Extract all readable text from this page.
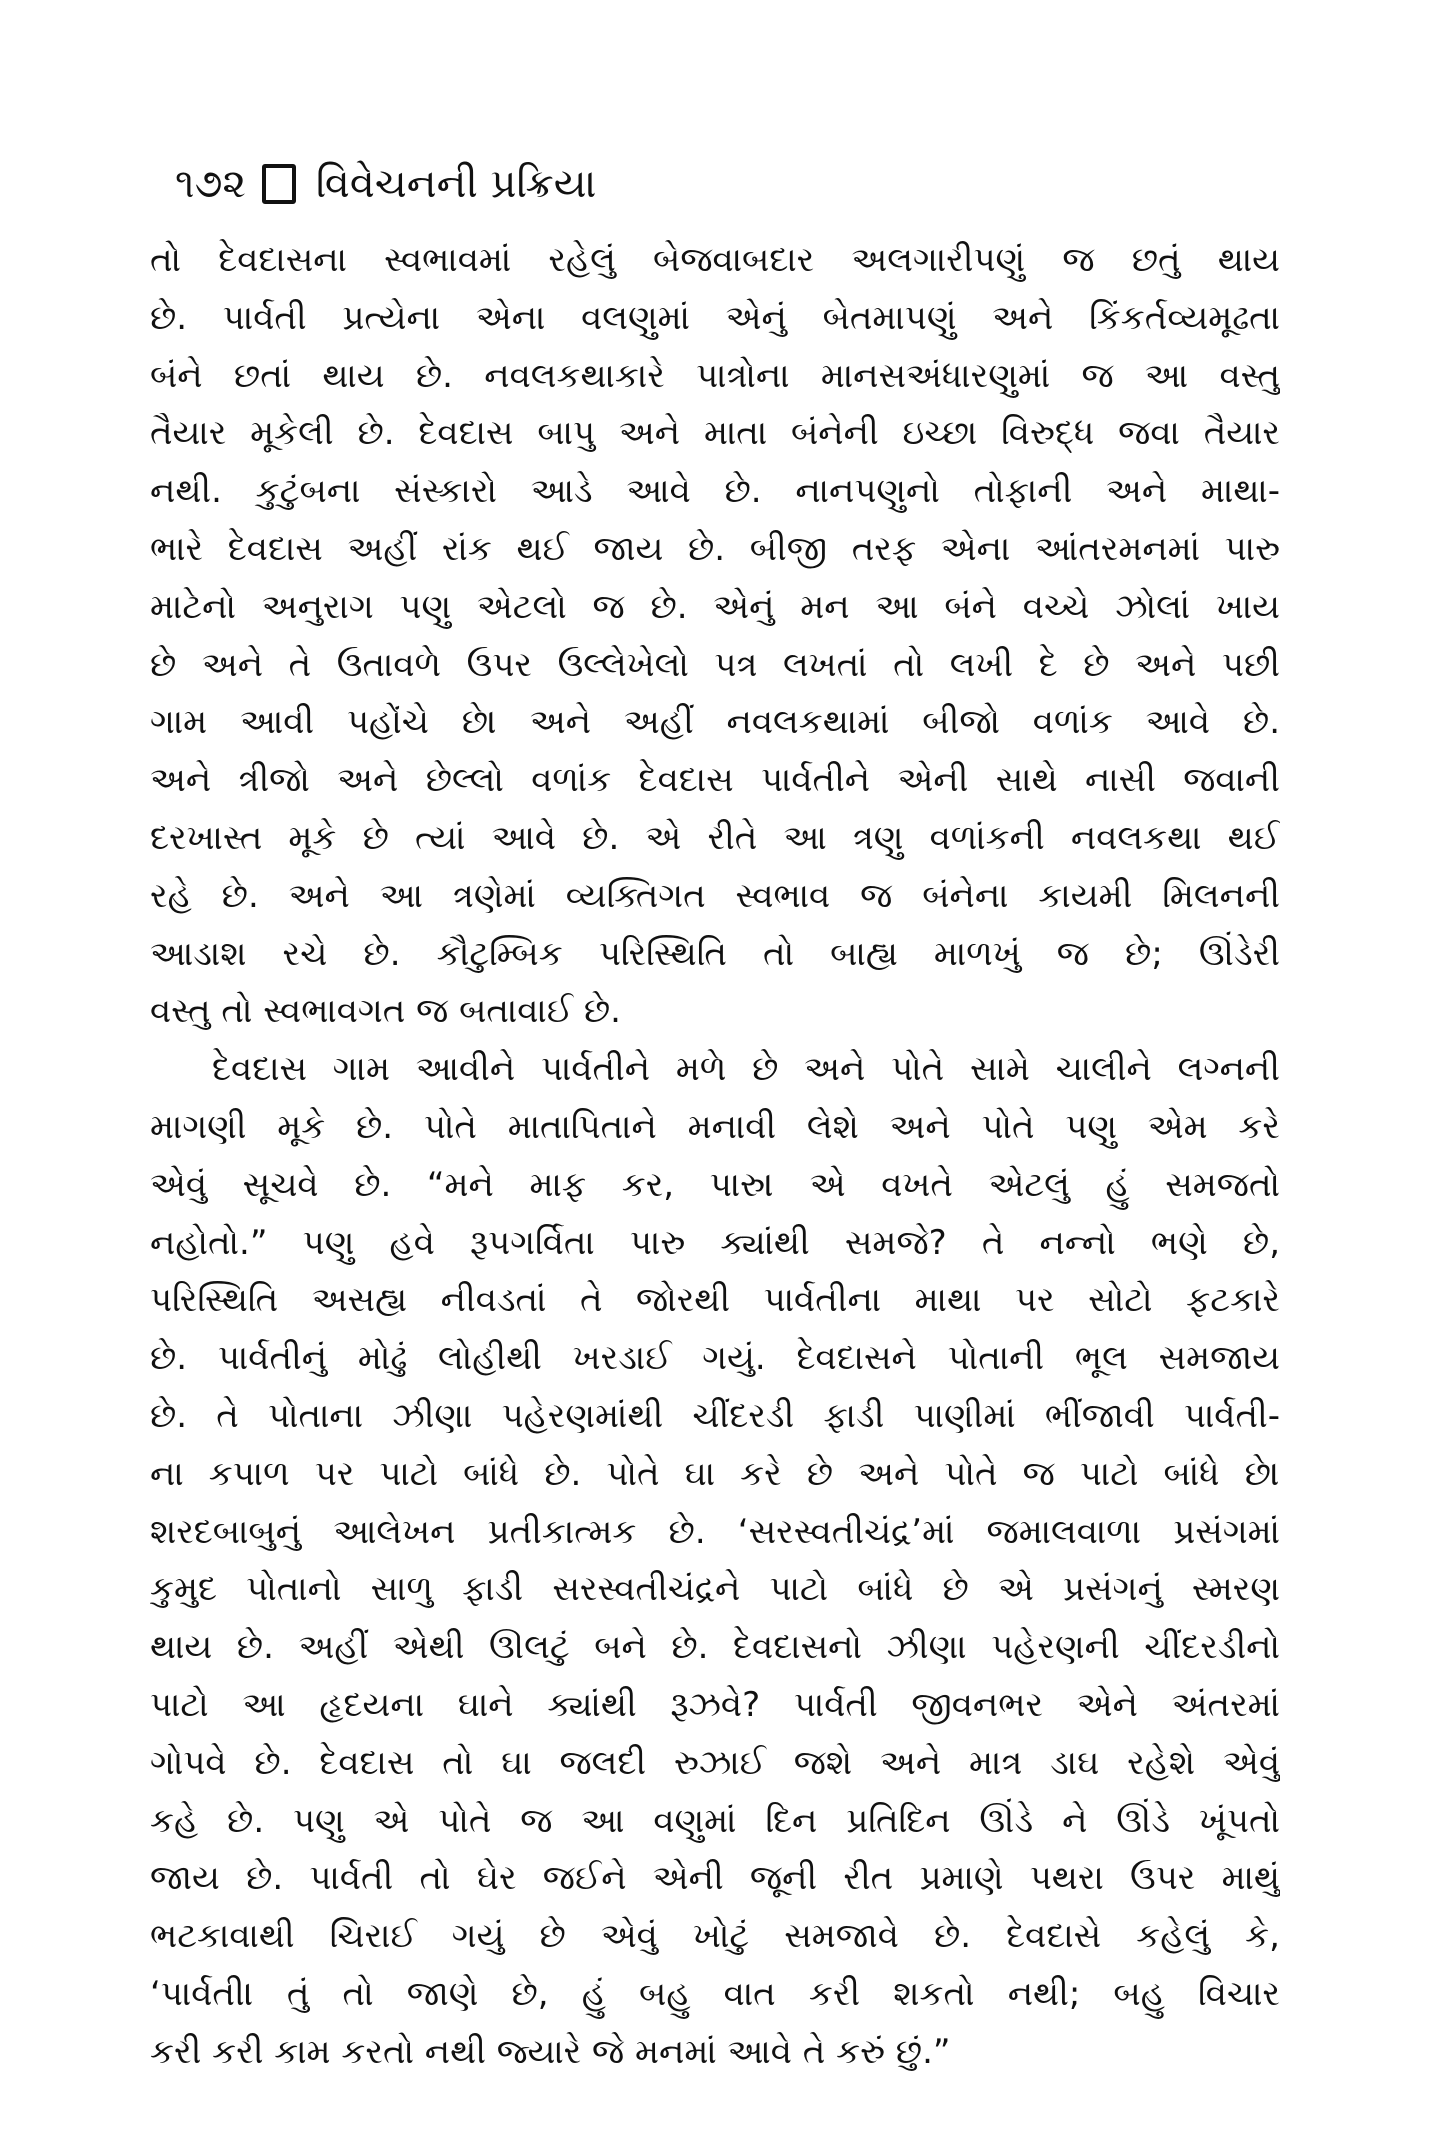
૧૭૨ વિવેચનની પ્રક્રિયા
તો દેવદાસના સ્વભાવમાં રહેલું બેજવાબદાર અલગારીપણું જ છતું થાય
છે. પાર્વતી પ્રત્યેના એના વલણુમાં એનું બેતમાપણું અને કિંકર્તવ્યમૂઢતા
બંને છતાં થાય છે. નવલકથાકારે પાત્રોના માનસઅંધારણુમાં જ આ વસ્તુ
તૈયાર મૂકેલી છે. દેવદાસ બાપુ અને માતા બંનેની ઇચ્છા વિરુદ્ધ જવા તૈયાર
નથી. કુટુંબના સંસ્કારો આડે આવે છે. નાનપણુનો તોફાની અને માથા-
ભારે દેવદાસ અહીં રાંક થઈ જાય છે. બીજી તરફ એના આંતરમનમાં પારુ
માટેનો અનુરાગ પણુ એટલો જ છે. એનું મન આ બંને વચ્ચે ઝોલાં ખાય
છે અને તે ઉતાવળે ઉપર ઉલ્લેખેલો પત્ર લખતાં તો લખી દે છે અને પછી
ગામ આવી પહોંચે છે। અને અહીં નવલકથામાં બીજો વળાંક આવે છે.
અને ત્રીજો અને છેલ્લો વળાંક દેવદાસ પાર્વતીને એની સાથે નાસી જવાની
દરખાસ્ત મૂકે છે ત્યાં આવે છે. એ રીતે આ ત્રણુ વળાંકની નવલકથા થઈ
રહે છે. અને આ ત્રણેમાં વ્યક્તિગત સ્વભાવ જ બંનેના કાયમી મિલનની
આડાશ રચે છે. કૌટુમ્બિક પરિસ્થિતિ તો બાહ્ય માળખું જ છે; ઊંડેરી
વસ્તુ તો સ્વભાવગત જ બતાવાઈ છે.
દેવદાસ ગામ આવીને પાર્વતીને મળે છે અને પોતે સામે ચાલીને લગ્નની
માગણી મૂકે છે. પોતે માતાપિતાને મનાવી લેશે અને પોતે પણુ એમ કરે
એવું સૂચવે છે. “મને માફ કર, પારુ। એ વખતે એટલું હું સમજતો
નહોતો.” પણુ હવે રૂપગર્વિતા પારુ ક્યાંથી સમજે? તે નન્નો ભણે છે,
પરિસ્થિતિ અસહ્ય નીવડતાં તે જોરથી પાર્વતીના માથા પર સોટો ફટકારે
છે. પાર્વતીનું મોઢું લોહીથી ખરડાઈ ગયું. દેવદાસને પોતાની ભૂલ સમજાય
છે. તે પોતાના ઝીણા પહેરણમાંથી ચીંદરડી ફાડી પાણીમાં ભીંજાવી પાર્વતી-
ના કપાળ પર પાટો બાંધે છે. પોતે ઘા કરે છે અને પોતે જ પાટો બાંધે છે।
શરદબાબુનું આલેખન પ્રતીકાત્મક છે. ‘સરસ્વતીચંદ્ર’માં જમાલવાળા પ્રસંગમાં
કુમુદ પોતાનો સાળુ ફાડી સરસ્વતીચંદ્રને પાટો બાંધે છે એ પ્રસંગનું સ્મરણ
થાય છે. અહીં એથી ઊલટું બને છે. દેવદાસનો ઝીણા પહેરણની ચીંદરડીનો
પાટો આ હૃદયના ઘાને ક્યાંથી રૂઝવે? પાર્વતી જીવનભર એને અંતરમાં
ગોપવે છે. દેવદાસ તો ઘા જલદી રુઝાઈ જશે અને માત્ર ડાઘ રહેશે એવું
કહે છે. પણુ એ પોતે જ આ વણુમાં દિન પ્રતિદિન ઊંડે ને ઊંડે ખૂંપતો
જાય છે. પાર્વતી તો ઘેર જઈને એની જૂની રીત પ્રમાણે પથરા ઉપર માથું
ભટકાવાથી ચિરાઈ ગયું છે એવું ખોટું સમજાવે છે. દેવદાસે કહેલું કે,
‘પાર્વતી। તું તો જાણે છે, હું બહુ વાત કરી શકતો નથી; બહુ વિચાર
કરી કરી કામ કરતો નથી જ્યારે જે મનમાં આવે તે કરું છું.”
